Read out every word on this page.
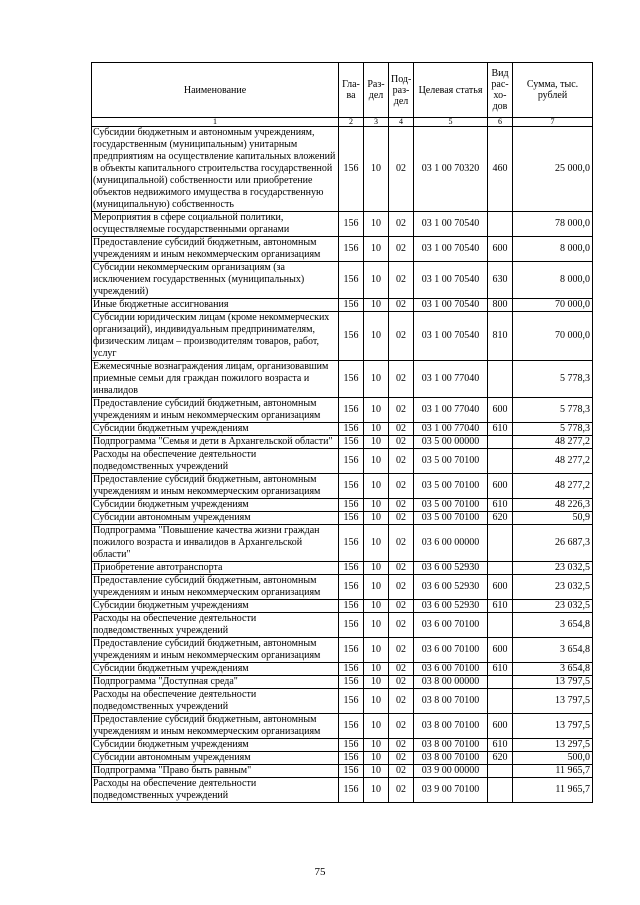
Наименование	Гла-ва	Раз-дел	Под-раз-дел	Целевая статья	Вид рас-хо-дов	Сумма, тыс. рублей
1	2	3	4	5	6	7
Субсидии бюджетным и автономным учреждениям, государственным (муниципальным) унитарным предприятиям на осуществление капитальных вложений в объекты капитального строительства государственной (муниципальной) собственности или приобретение объектов недвижимого имущества в государственную (муниципальную) собственность	156	10	02	03 1 00 70320	460	25 000,0
Мероприятия в сфере социальной политики, осуществляемые государственными органами	156	10	02	03 1 00 70540		78 000,0
Предоставление субсидий бюджетным, автономным учреждениям и иным некоммерческим организациям	156	10	02	03 1 00 70540	600	8 000,0
Субсидии некоммерческим организациям (за исключением государственных (муниципальных) учреждений)	156	10	02	03 1 00 70540	630	8 000,0
Иные бюджетные ассигнования	156	10	02	03 1 00 70540	800	70 000,0
Субсидии юридическим лицам (кроме некоммерческих организаций), индивидуальным предпринимателям, физическим лицам – производителям товаров, работ, услуг	156	10	02	03 1 00 70540	810	70 000,0
Ежемесячные вознаграждения лицам, организовавшим приемные семьи для граждан пожилого возраста и инвалидов	156	10	02	03 1 00 77040		5 778,3
Предоставление субсидий бюджетным, автономным учреждениям и иным некоммерческим организациям	156	10	02	03 1 00 77040	600	5 778,3
Субсидии бюджетным учреждениям	156	10	02	03 1 00 77040	610	5 778,3
Подпрограмма "Семья и дети в Архангельской области"	156	10	02	03 5 00 00000		48 277,2
Расходы на обеспечение деятельности подведомственных учреждений	156	10	02	03 5 00 70100		48 277,2
Предоставление субсидий бюджетным, автономным учреждениям и иным некоммерческим организациям	156	10	02	03 5 00 70100	600	48 277,2
Субсидии бюджетным учреждениям	156	10	02	03 5 00 70100	610	48 226,3
Субсидии автономным учреждениям	156	10	02	03 5 00 70100	620	50,9
Подпрограмма "Повышение качества жизни граждан пожилого возраста и инвалидов в Архангельской области"	156	10	02	03 6 00 00000		26 687,3
Приобретение автотранспорта	156	10	02	03 6 00 52930		23 032,5
Предоставление субсидий бюджетным, автономным учреждениям и иным некоммерческим организациям	156	10	02	03 6 00 52930	600	23 032,5
Субсидии бюджетным учреждениям	156	10	02	03 6 00 52930	610	23 032,5
Расходы на обеспечение деятельности подведомственных учреждений	156	10	02	03 6 00 70100		3 654,8
Предоставление субсидий бюджетным, автономным учреждениям и иным некоммерческим организациям	156	10	02	03 6 00 70100	600	3 654,8
Субсидии бюджетным учреждениям	156	10	02	03 6 00 70100	610	3 654,8
Подпрограмма "Доступная среда"	156	10	02	03 8 00 00000		13 797,5
Расходы на обеспечение деятельности подведомственных учреждений	156	10	02	03 8 00 70100		13 797,5
Предоставление субсидий бюджетным, автономным учреждениям и иным некоммерческим организациям	156	10	02	03 8 00 70100	600	13 797,5
Субсидии бюджетным учреждениям	156	10	02	03 8 00 70100	610	13 297,5
Субсидии автономным учреждениям	156	10	02	03 8 00 70100	620	500,0
Подпрограмма "Право быть равным"	156	10	02	03 9 00 00000		11 965,7
Расходы на обеспечение деятельности подведомственных учреждений	156	10	02	03 9 00 70100		11 965,7
75
